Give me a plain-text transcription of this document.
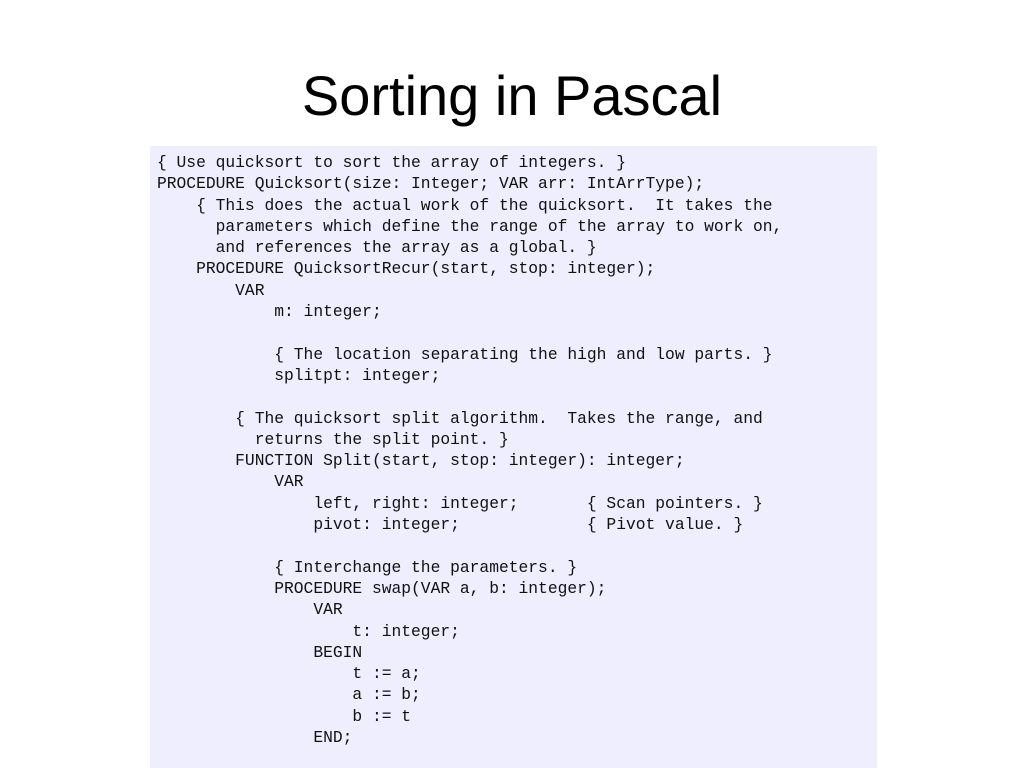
Sorting in Pascal
{ Use quicksort to sort the array of integers. }
PROCEDURE Quicksort(size: Integer; VAR arr: IntArrType);
{ This does the actual work of the quicksort.  It takes the
parameters which define the range of the array to work on,
and references the array as a global. }
PROCEDURE QuicksortRecur(start, stop: integer);
VAR
m: integer;
{ The location separating the high and low parts. }
splitpt: integer;
{ The quicksort split algorithm.  Takes the range, and
returns the split point. }
FUNCTION Split(start, stop: integer): integer;
VAR
left, right: integer;       { Scan pointers. }
pivot: integer;             { Pivot value. }
{ Interchange the parameters. }
PROCEDURE swap(VAR a, b: integer);
VAR
t: integer;
BEGIN
t := a;
a := b;
b := t
END;
